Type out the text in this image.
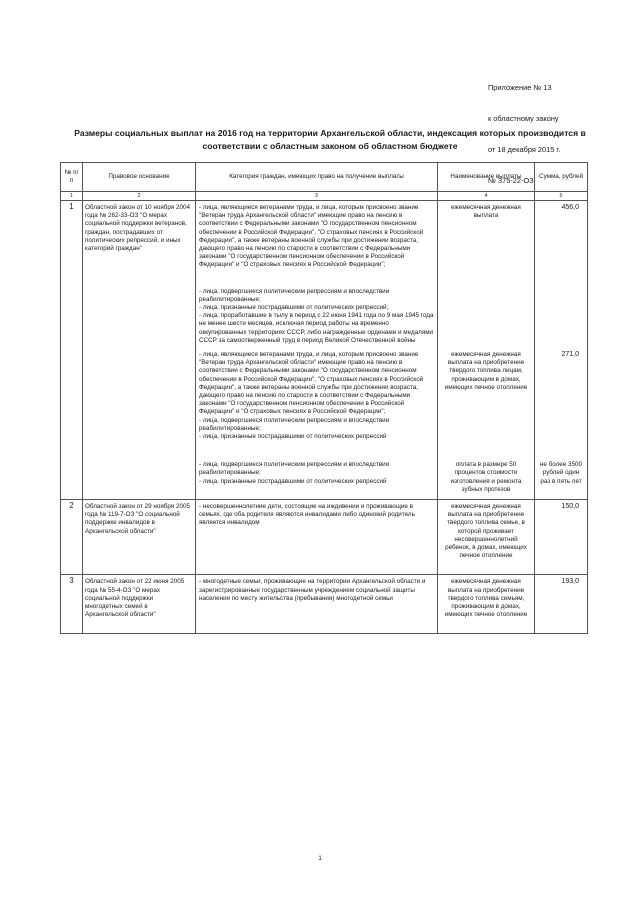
Приложение № 13

к областному закону

от 18 декабря 2015 г.

№ 375-22-ОЗ

Размеры социальных выплат на 2016 год на территории Архангельской области, индексация которых производится в соответствии с областным законом об областном бюджете
№ п/п	Правовое основание	Категория граждан, имеющих право на получение выплаты	Наименование выплаты	Сумма, рублей
1	2	3	4	5
1	Областной закон от 10 ноября 2004 года № 262-33-ОЗ "О мерах социальной поддержки ветеранов, граждан, пострадавших от политических репрессий, и иных категорий граждан"	- лица, являющиеся ветеранами труда, и лица, которым присвоено звание "Ветеран труда Архангельской области" имеющие право на пенсию в соответствии с Федеральными законами "О государственном пенсионном обеспечении в Российской Федерации", "О страховых пенсиях в Российской Федерации", а также ветераны военной службы при достижении возраста, дающего право на пенсию по старости в соответствии с Федеральными законами "О государственном пенсионном обеспечении в Российской Федерации" и "О страховых пенсиях в Российской Федерации";
- лица, подвергшиеся политическим репрессиям и впоследствии реабилитированные;
- лица, признанные пострадавшими от политических репрессий;
- лица, проработавшие в тылу в период с 22 июня 1941 года по 9 мая 1945 года не менее шести месяцев, исключая период работы на временно оккупированных территориях СССР, либо награжденные орденами и медалями СССР за самоотверженный труд в период Великой Отечественной войны	ежемесячная денежная выплата	456,0

		- лица, являющиеся ветеранами труда, и лица, которым присвоено звание "Ветеран труда Архангельской области" имеющие право на пенсию в соответствии с Федеральными законами "О государственном пенсионном обеспечении в Российской Федерации", "О страховых пенсиях в Российской Федерации", а также ветераны военной службы при достижении возраста, дающего право на пенсию по старости в соответствии с Федеральными законами "О государственном пенсионном обеспечении в Российской Федерации" и "О страховых пенсиях в Российской Федерации";
- лица, подвергшиеся политическим репрессиям и впоследствии реабилитированные;
- лица, признанные пострадавшими от политических репрессий	ежемесячная денежная выплата на приобретение твердого топлива лицам, проживающим в домах, имеющих печное отопление	271,0

		- лица, подвергшиеся политическим репрессиям и впоследствии реабилитированные;
- лица, признанные пострадавшими от политических репрессий	оплата в размере 50 процентов стоимости изготовления и ремонта зубных протезов	не более 3500 рублей один раз в пять лет
2	Областной закон от 29 ноября 2005 года № 119-7-ОЗ "О социальной поддержке инвалидов в Архангельской области"	- несовершеннолетние дети, состоящие на иждивении и проживающие в семьях, где оба родителя являются инвалидами либо одинокий родитель является инвалидом	ежемесячная денежная выплата на приобретение твердого топлива семье, в которой проживает несовершеннолетний ребенок, в домах, имеющих печное отопление	150,0
3	Областной закон от 22 июня 2005 года № 55-4-ОЗ "О мерах социальной поддержки многодетных семей в Архангельской области"	- многодетные семьи, проживающие на территории Архангельской области и зарегистрированные государственным учреждением социальной защиты населения по месту жительства (пребывания) многодетной семьи	ежемесячная денежная выплата на приобретение твердого топлива семьям, проживающим в домах, имеющих печное отопление	193,0
1
